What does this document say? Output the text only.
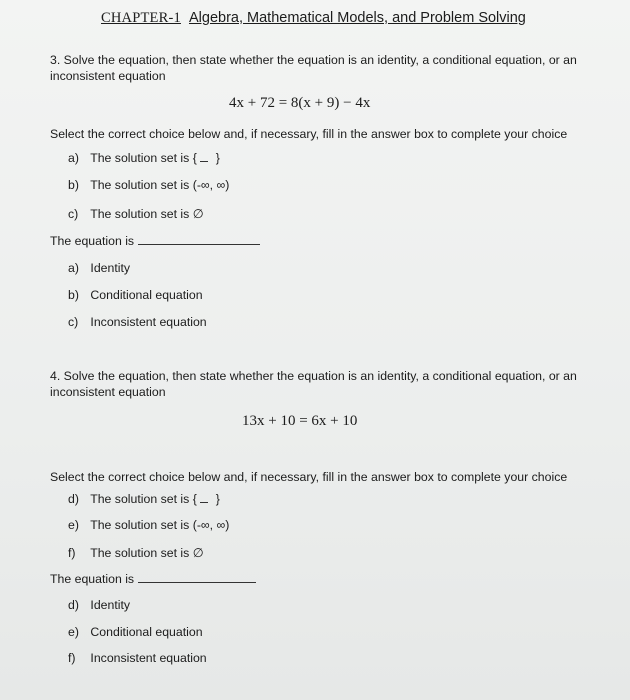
CHAPTER-1 Algebra, Mathematical Models, and Problem Solving
3. Solve the equation, then state whether the equation is an identity, a conditional equation, or an inconsistent equation
4x + 72 = 8(x + 9) − 4x
Select the correct choice below and, if necessary, fill in the answer box to complete your choice
a) The solution set is { }
b) The solution set is (-∞, ∞)
c) The solution set is ∅
The equation is
a) Identity
b) Conditional equation
c) Inconsistent equation
4. Solve the equation, then state whether the equation is an identity, a conditional equation, or an inconsistent equation
13x + 10 = 6x + 10
Select the correct choice below and, if necessary, fill in the answer box to complete your choice
d) The solution set is { }
e) The solution set is (-∞, ∞)
f) The solution set is ∅
The equation is
d) Identity
e) Conditional equation
f) Inconsistent equation
